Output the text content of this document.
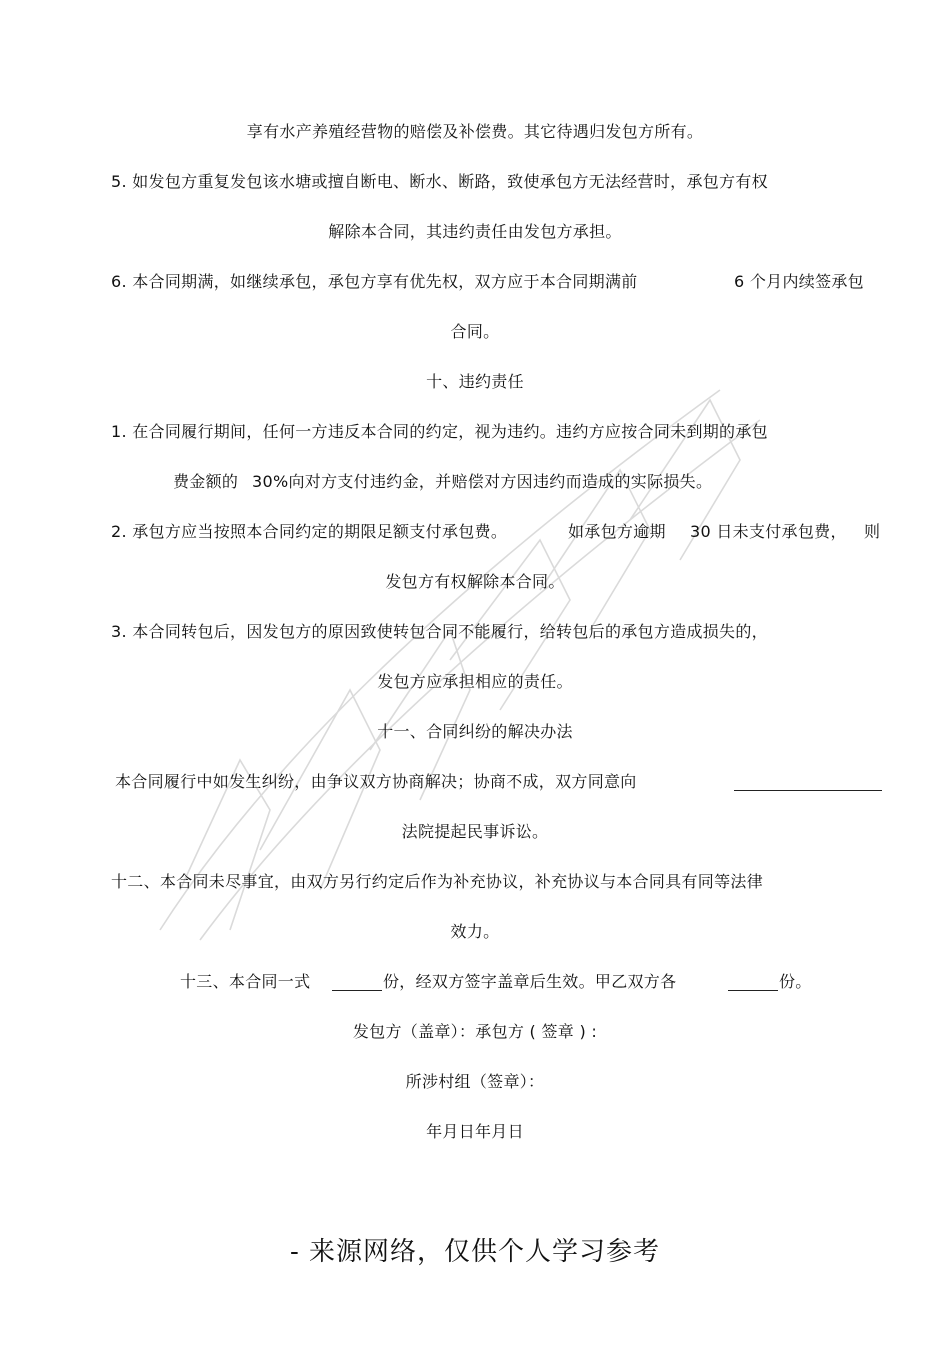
享有水产养殖经营物的赔偿及补偿费。其它待遇归发包方所有。
5. 如发包方重复发包该水塘或擅自断电、断水、断路，致使承包方无法经营时，承包方有权
解除本合同，其违约责任由发包方承担。
6. 本合同期满，如继续承包，承包方享有优先权，双方应于本合同期满前	6 个月内续签承包
合同。
十、违约责任
1. 在合同履行期间，任何一方违反本合同的约定，视为违约。违约方应按合同未到期的承包
费金额的 30%向对方支付违约金，并赔偿对方因违约而造成的实际损失。
2. 承包方应当按照本合同约定的期限足额支付承包费。	如承包方逾期 30 日未支付承包费， 则
发包方有权解除本合同。
3. 本合同转包后，因发包方的原因致使转包合同不能履行，给转包后的承包方造成损失的，
发包方应承担相应的责任。
十一、合同纠纷的解决办法
本合同履行中如发生纠纷，由争议双方协商解决；协商不成，双方同意向
法院提起民事诉讼。
十二、本合同未尽事宜，由双方另行约定后作为补充协议，补充协议与本合同具有同等法律
效力。
十三、本合同一式	份，经双方签字盖章后生效。甲乙双方各	份。
发包方（盖章）：承包方 ( 签章 ) :
所涉村组（签章）：
年月日年月日
- 来源网络，仅供个人学习参考
